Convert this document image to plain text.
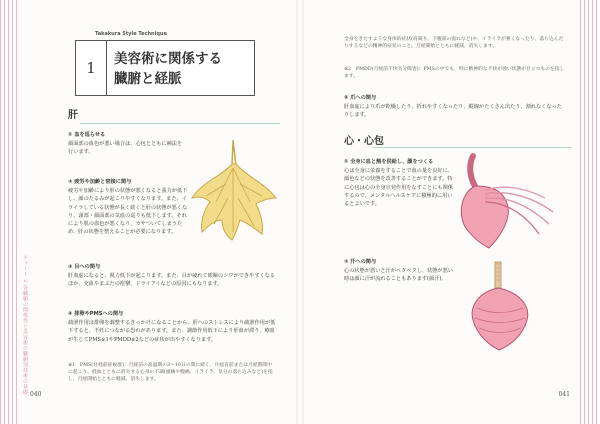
チャート 2 各臓腑の関係性と美容術の臓腑別技術の基礎
Takakura Style Technique
1	美容術に関係する
臓腑と経脈
肝
① 血を巡らせる

顔面部の血色が悪い場合は、心包とともに補法を行います。

② 疲労や加齢と密接に関与

疲労や加齢により肝の状態が悪くなると張力が低下し、顔のたるみが起こりやすくなります。また、イライラしている状態が長く続くと肝の状態が悪くなり、頭部・顔面部の気血の巡りも低下します。それにより肌の血色が悪くなり、カサついてしまうため、肝の状態を整えることが必要になります。

③ 目への関与

肝血虚になると、視力低下が起こります。また、目が疲れて眼瞼のシワができやすくなるほか、充血やまぶたの痙攣、ドライアイなどの原因にもなります。

④ 排卵やPMSへの関与

疏泄作用は排卵を調整するきっかけになることから、肝へのストレスにより疏泄作用が低下すると、不妊につながる恐れがあります。また、調節作用低下により肝血が滞り、療血が生じてPMS※1やPMDD※2などの症状が出やすくなります。

※1　PMS(月経前症候群)：月経前の高温期の3〜10日の間に続く、月経直前または月経期間中に起こり、経血とともに消失する心身の不調(頭痛や腹痛、イライラ、気分の落ち込みなど)を指し、月経開始とともに軽減、消失します。
040
全身をきたすような身体的症状(肩凝り、下腹部の張れなど)や、イライラが強くなったり、落ち込んだりするなどの精神的症状のこと。月経開始とともに軽減、消失します。
※2　PMDD(月経前不快気分障害)：PMSの中でも、特に精神的な不快が強い状態が目立つものを指します。
⑤ 爪への関与

肝血虚により爪が乾燥したり、折れやすくなったり、縦線がたくさん出たり、割れなくなったりします。

心・心包
① 全身に血と熱を供給し、顔をつくる

心は全身に栄養をすることで血の量を良好に、顔色などの状態を改善することができます。特に心包は心の全身宣発作用をなすことにも関係するので、メンタルへルスケアに積極的に用いるとよいです。

② 汗への関与

心の状態が悪いと汗がベタベタし、状態が悪い時は顔に汗が流れることもあります(顔汗)。

041
